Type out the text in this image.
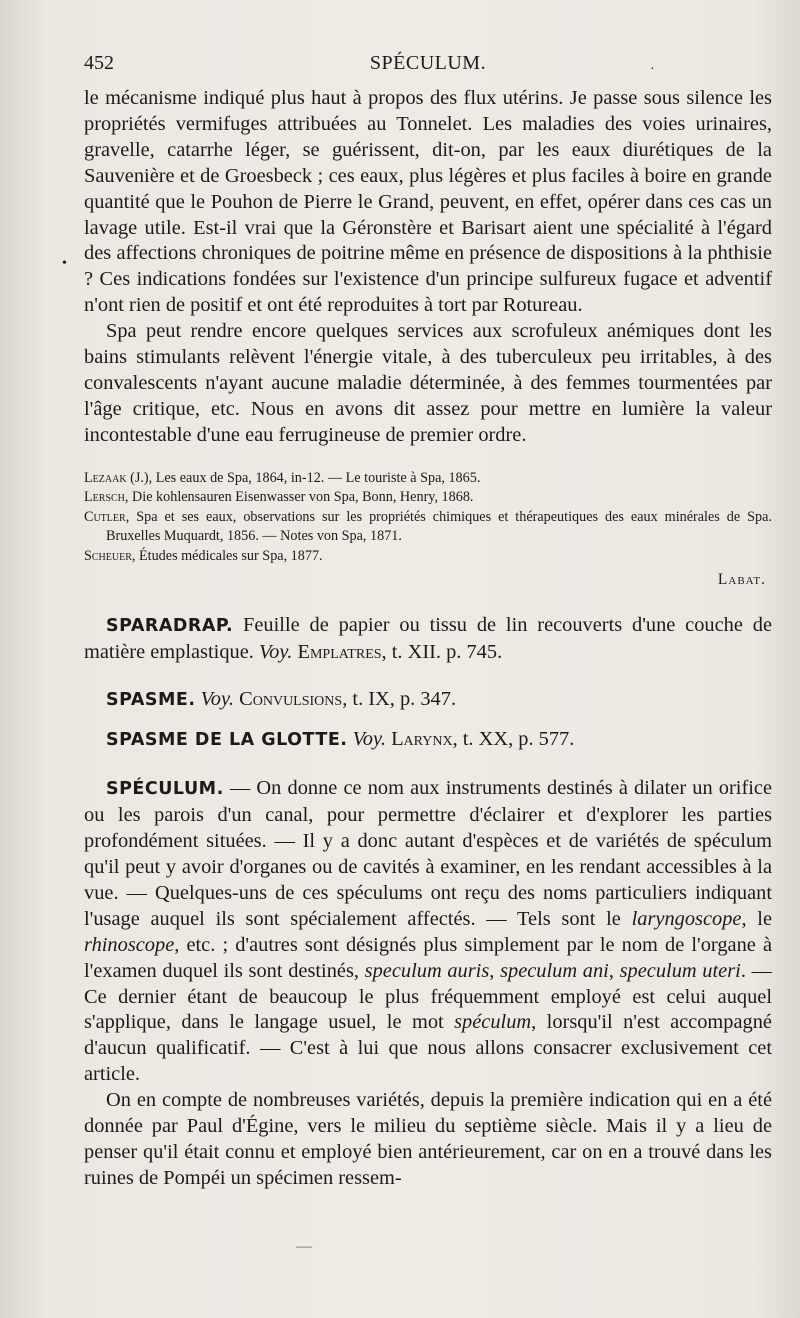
452	SPÉCULUM.	·
•

le mécanisme indiqué plus haut à propos des flux utérins. Je passe sous silence les propriétés vermifuges attribuées au Tonnelet. Les maladies des voies urinaires, gravelle, catarrhe léger, se guérissent, dit-on, par les eaux diurétiques de la Sauvenière et de Groesbeck ; ces eaux, plus légères et plus faciles à boire en grande quantité que le Pouhon de Pierre le Grand, peuvent, en effet, opérer dans ces cas un lavage utile. Est-il vrai que la Géronstère et Barisart aient une spécialité à l'égard des affections chroniques de poitrine même en présence de dispositions à la phthisie ? Ces indications fondées sur l'existence d'un principe sulfureux fugace et adventif n'ont rien de positif et ont été reproduites à tort par Rotureau.

Spa peut rendre encore quelques services aux scrofuleux anémiques dont les bains stimulants relèvent l'énergie vitale, à des tuberculeux peu irritables, à des convalescents n'ayant aucune maladie déterminée, à des femmes tourmentées par l'âge critique, etc. Nous en avons dit assez pour mettre en lumière la valeur incontestable d'une eau ferrugineuse de premier ordre.

Lezaak (J.), Les eaux de Spa, 1864, in-12. — Le touriste à Spa, 1865.

Lersch, Die kohlensauren Eisenwasser von Spa, Bonn, Henry, 1868.

Cutler, Spa et ses eaux, observations sur les propriétés chimiques et thérapeutiques des eaux minérales de Spa. Bruxelles Muquardt, 1856. — Notes von Spa, 1871.

Scheuer, Études médicales sur Spa, 1877.

Labat.

SPARADRAP. Feuille de papier ou tissu de lin recouverts d'une couche de matière emplastique. Voy. Emplatres, t. XII. p. 745.

SPASME. Voy. Convulsions, t. IX, p. 347.

SPASME DE LA GLOTTE. Voy. Larynx, t. XX, p. 577.

SPÉCULUM. — On donne ce nom aux instruments destinés à dilater un orifice ou les parois d'un canal, pour permettre d'éclairer et d'explorer les parties profondément situées. — Il y a donc autant d'espèces et de variétés de spéculum qu'il peut y avoir d'organes ou de cavités à examiner, en les rendant accessibles à la vue. — Quelques-uns de ces spéculums ont reçu des noms particuliers indiquant l'usage auquel ils sont spécialement affectés. — Tels sont le laryngoscope, le rhinoscope, etc. ; d'autres sont désignés plus simplement par le nom de l'organe à l'examen duquel ils sont destinés, speculum auris, speculum ani, speculum uteri. — Ce dernier étant de beaucoup le plus fréquemment employé est celui auquel s'applique, dans le langage usuel, le mot spéculum, lorsqu'il n'est accompagné d'aucun qualificatif. — C'est à lui que nous allons consacrer exclusivement cet article.

On en compte de nombreuses variétés, depuis la première indication qui en a été donnée par Paul d'Égine, vers le milieu du septième siècle. Mais il y a lieu de penser qu'il était connu et employé bien antérieurement, car on en a trouvé dans les ruines de Pompéi un spécimen ressem-

—
